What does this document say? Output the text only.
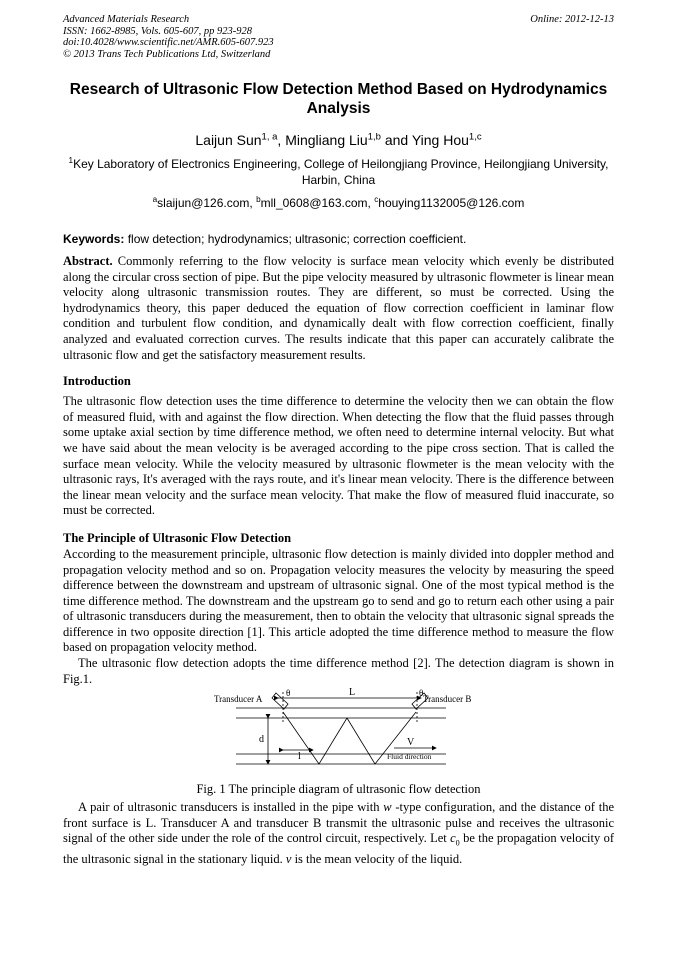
Advanced Materials Research
ISSN: 1662-8985, Vols. 605-607, pp 923-928
doi:10.4028/www.scientific.net/AMR.605-607.923
© 2013 Trans Tech Publications Ltd, Switzerland
Online: 2012-12-13
Research of Ultrasonic Flow Detection Method Based on Hydrodynamics Analysis
Laijun Sun$^{1, a}$, Mingliang Liu$^{1,b}$ and Ying Hou$^{1,c}$
$^1$Key Laboratory of Electronics Engineering, College of Heilongjiang Province, Heilongjiang University, Harbin, China
$^a$slaijun@126.com, $^b$mll_0608@163.com, $^c$houying1132005@126.com
Keywords: flow detection; hydrodynamics; ultrasonic; correction coefficient.

Abstract. Commonly referring to the flow velocity is surface mean velocity which evenly be distributed along the circular cross section of pipe. But the pipe velocity measured by ultrasonic flowmeter is linear mean velocity along ultrasonic transmission routes. They are different, so must be corrected. Using the hydrodynamics theory, this paper deduced the equation of flow correction coefficient in laminar flow condition and turbulent flow condition, and dynamically dealt with flow correction coefficient, finally analyzed and evaluated correction curves. The results indicate that this paper can accurately calibrate the ultrasonic flow and get the satisfactory measurement results.

Introduction

The ultrasonic flow detection uses the time difference to determine the velocity then we can obtain the flow of measured fluid, with and against the flow direction. When detecting the flow that the fluid passes through some uptake axial section by time difference method, we often need to determine internal velocity. But what we have said about the mean velocity is be averaged according to the pipe cross section. That is called the surface mean velocity. While the velocity measured by ultrasonic flowmeter is the mean velocity with the ultrasonic rays, It's averaged with the rays route, and it's linear mean velocity. There is the difference between the linear mean velocity and the surface mean velocity. That make the flow of measured fluid inaccurate, so must be corrected.

The Principle of Ultrasonic Flow Detection

According to the measurement principle, ultrasonic flow detection is mainly divided into doppler method and propagation velocity method and so on. Propagation velocity measures the velocity by measuring the speed difference between the downstream and upstream of ultrasonic signal. One of the most typical method is the time difference method. The downstream and the upstream go to send and go to return each other using a pair of ultrasonic transducers during the measurement, then to obtain the velocity that ultrasonic signal spreads the difference in two opposite direction [1]. This article adopted the time difference method to measure the flow based on propagation velocity method.

The ultrasonic flow detection adopts the time difference method [2]. The detection diagram is shown in Fig.1.

Transducer A	Transducer B
L
d
l
θ	θ
V
Fluid direction
Fig. 1 The principle diagram of ultrasonic flow detection

A pair of ultrasonic transducers is installed in the pipe with w -type configuration, and the distance of the front surface is L. Transducer A and transducer B transmit the ultrasonic pulse and receives the ultrasonic signal of the other side under the role of the control circuit, respectively. Let $c_0$ be the propagation velocity of the ultrasonic signal in the stationary liquid. v is the mean velocity of the liquid.
